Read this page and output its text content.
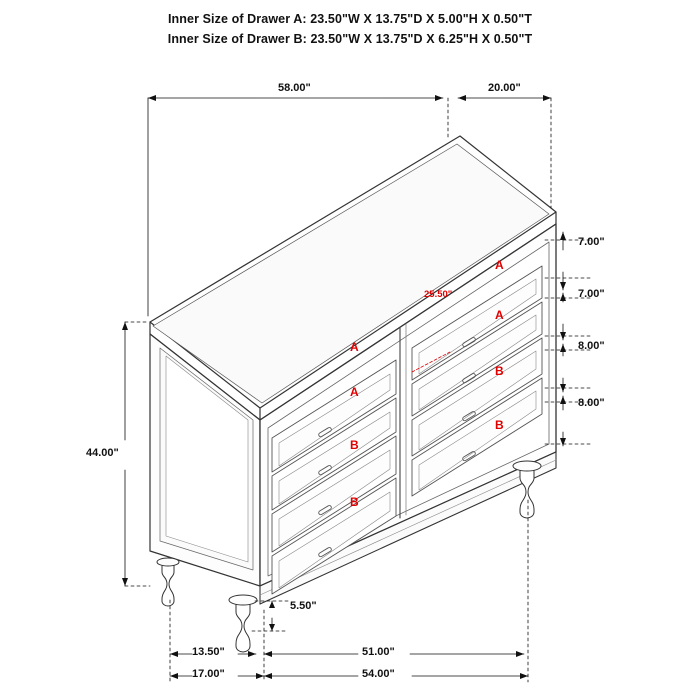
Inner Size of Drawer A: 23.50"W X 13.75"D X 5.00"H X 0.50"T
Inner Size of Drawer B: 23.50"W X 13.75"D X 6.25"H X 0.50"T
58.00"	20.00"
7.00"
7.00"
8.00"
8.00"
44.00"
5.50"
13.50"
17.00"
51.00"
54.00"
25.50"
A
A
B
B
A
A
B
B
